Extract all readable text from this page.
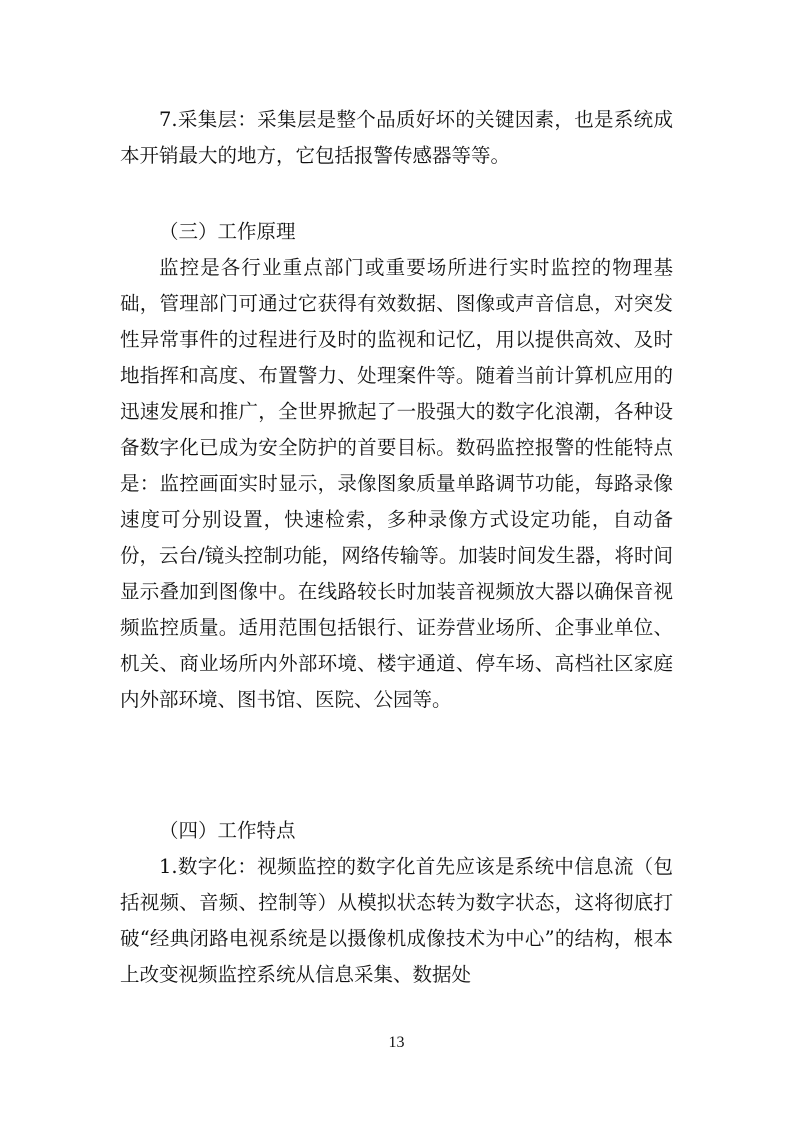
7.采集层：采集层是整个品质好坏的关键因素，也是系统成本开销最大的地方，它包括报警传感器等等。

（三）工作原理

监控是各行业重点部门或重要场所进行实时监控的物理基础，管理部门可通过它获得有效数据、图像或声音信息，对突发性异常事件的过程进行及时的监视和记忆，用以提供高效、及时地指挥和高度、布置警力、处理案件等。随着当前计算机应用的迅速发展和推广，全世界掀起了一股强大的数字化浪潮，各种设备数字化已成为安全防护的首要目标。数码监控报警的性能特点是：监控画面实时显示，录像图象质量单路调节功能，每路录像速度可分别设置，快速检索，多种录像方式设定功能，自动备份，云台/镜头控制功能，网络传输等。加装时间发生器，将时间显示叠加到图像中。在线路较长时加装音视频放大器以确保音视频监控质量。适用范围包括银行、证券营业场所、企事业单位、机关、商业场所内外部环境、楼宇通道、停车场、高档社区家庭内外部环境、图书馆、医院、公园等。

（四）工作特点

1.数字化：视频监控的数字化首先应该是系统中信息流（包括视频、音频、控制等）从模拟状态转为数字状态，这将彻底打破“经典闭路电视系统是以摄像机成像技术为中心”的结构，根本上改变视频监控系统从信息采集、数据处

13
